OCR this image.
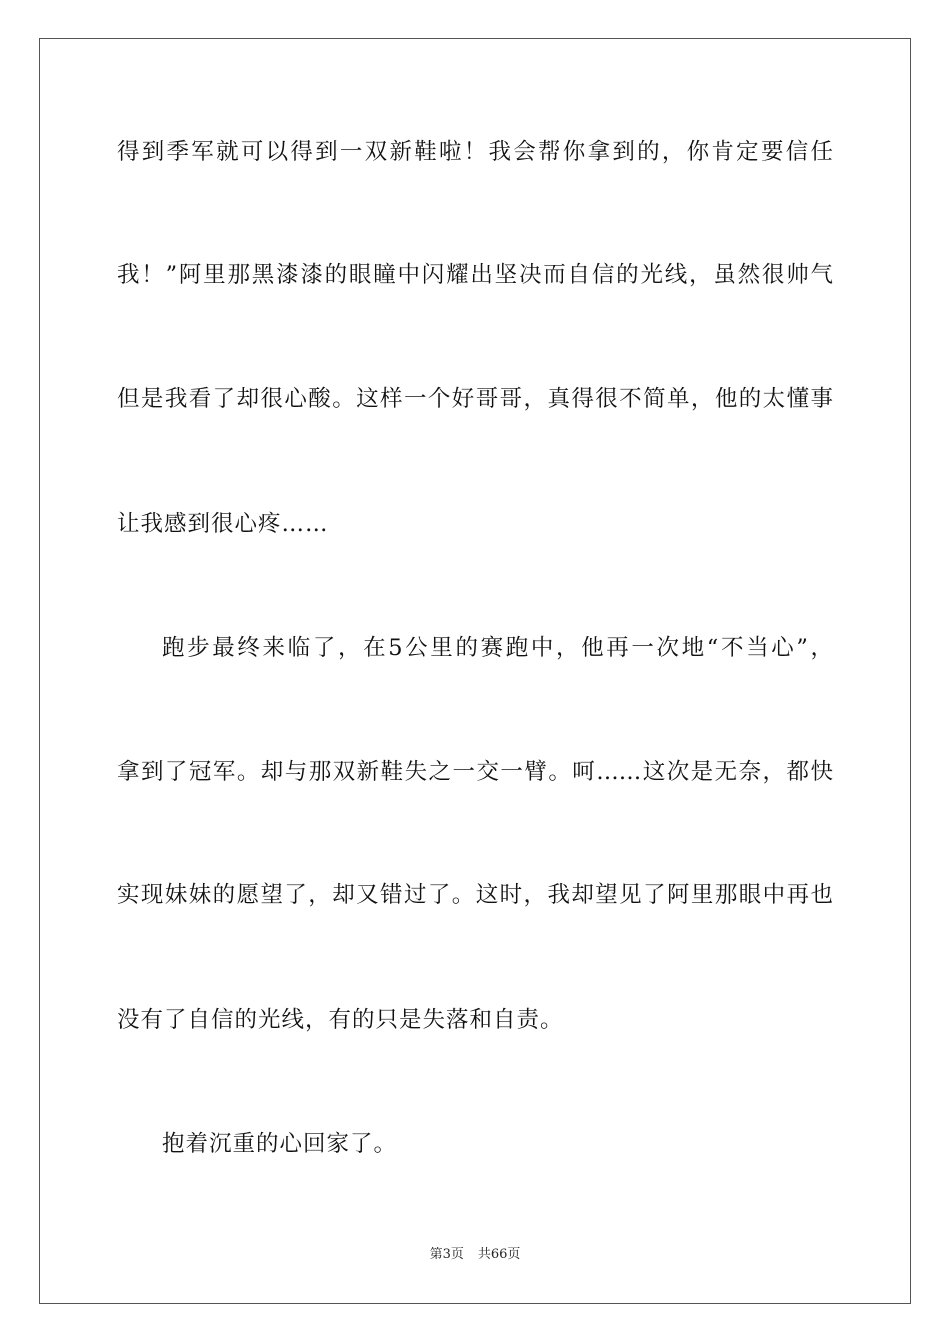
得到季军就可以得到一双新鞋啦！我会帮你拿到的，你肯定要信任
我！”阿里那黑漆漆的眼瞳中闪耀出坚决而自信的光线，虽然很帅气
但是我看了却很心酸。这样一个好哥哥，真得很不简单，他的太懂事
让我感到很心疼……
跑步最终来临了，在5公里的赛跑中，他再一次地“不当心”，
拿到了冠军。却与那双新鞋失之一交一臂。呵……这次是无奈，都快
实现妹妹的愿望了，却又错过了。这时，我却望见了阿里那眼中再也
没有了自信的光线，有的只是失落和自责。
抱着沉重的心回家了。
第3页 共66页
